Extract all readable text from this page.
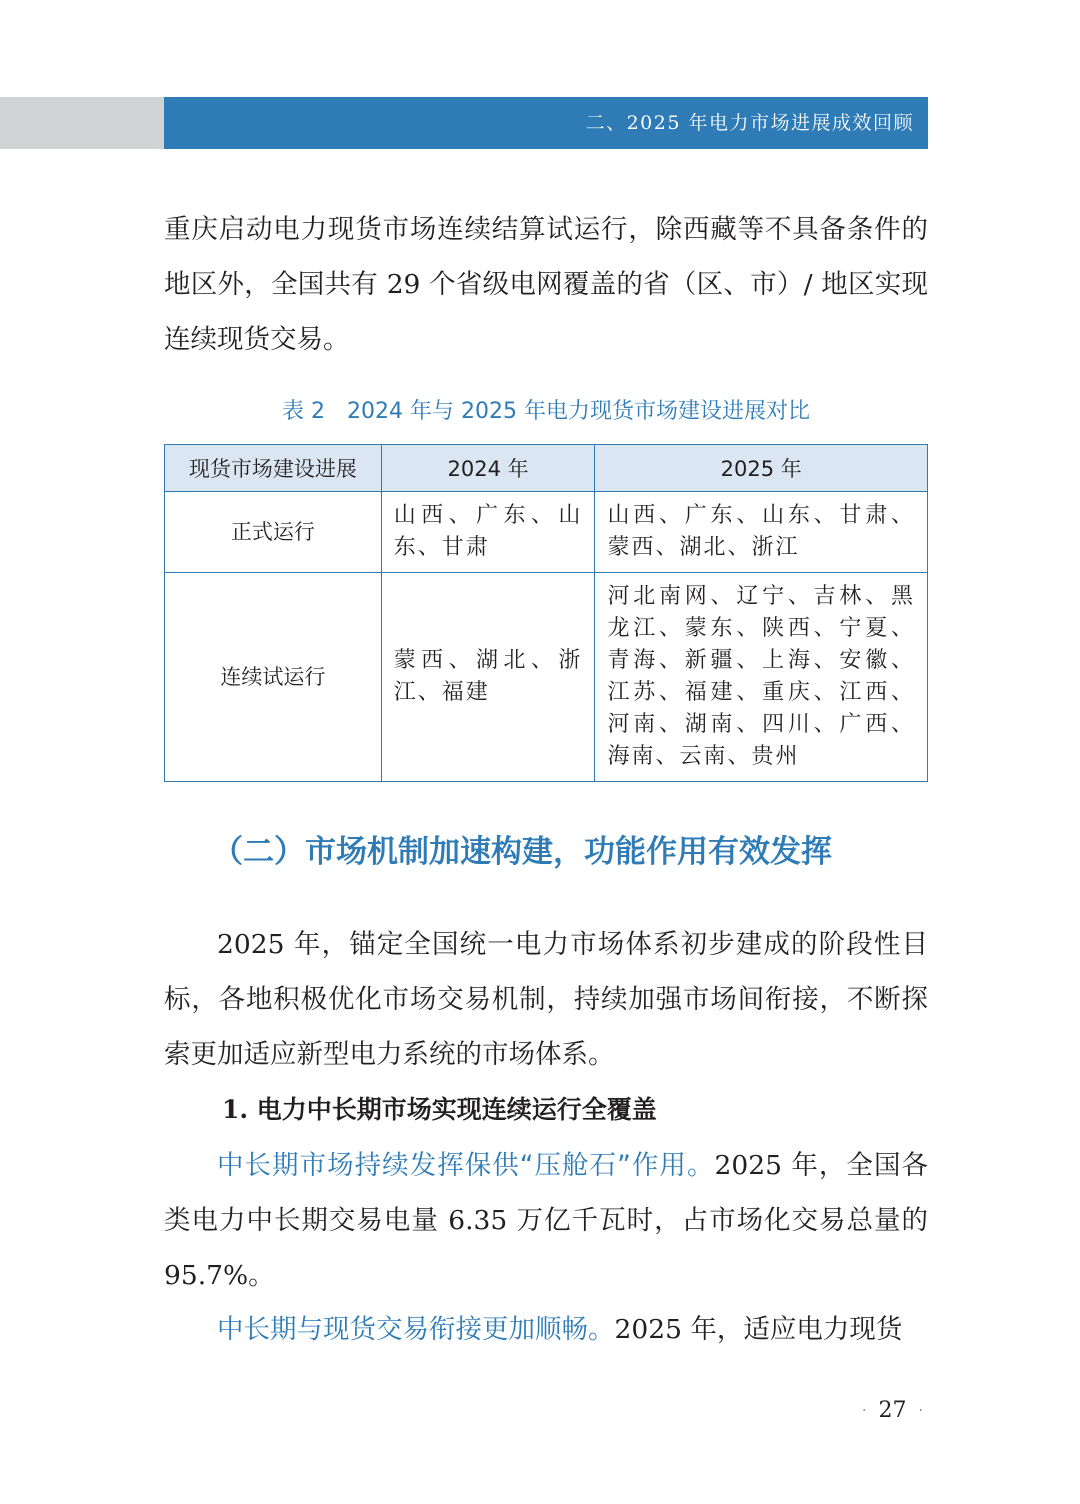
二、2025 年电力市场进展成效回顾

重庆启动电力现货市场连续结算试运行，除西藏等不具备条件的地区外，全国共有 29 个省级电网覆盖的省（区、市）/ 地区实现连续现货交易。

表 2　2024 年与 2025 年电力现货市场建设进展对比
现货市场建设进展	2024 年	2025 年
正式运行	山西、广东、山东、甘肃	山西、广东、山东、甘肃、蒙西、湖北、浙江
连续试运行	蒙西、湖北、浙江、福建	河北南网、辽宁、吉林、黑龙江、蒙东、陕西、宁夏、青海、新疆、上海、安徽、江苏、福建、重庆、江西、河南、湖南、四川、广西、海南、云南、贵州
（二）市场机制加速构建，功能作用有效发挥

2025 年，锚定全国统一电力市场体系初步建成的阶段性目标，各地积极优化市场交易机制，持续加强市场间衔接，不断探索更加适应新型电力系统的市场体系。

1. 电力中长期市场实现连续运行全覆盖

中长期市场持续发挥保供“压舱石”作用。2025 年，全国各类电力中长期交易电量 6.35 万亿千瓦时，占市场化交易总量的 95.7%。

中长期与现货交易衔接更加顺畅。2025 年，适应电力现货

· 27 ·
